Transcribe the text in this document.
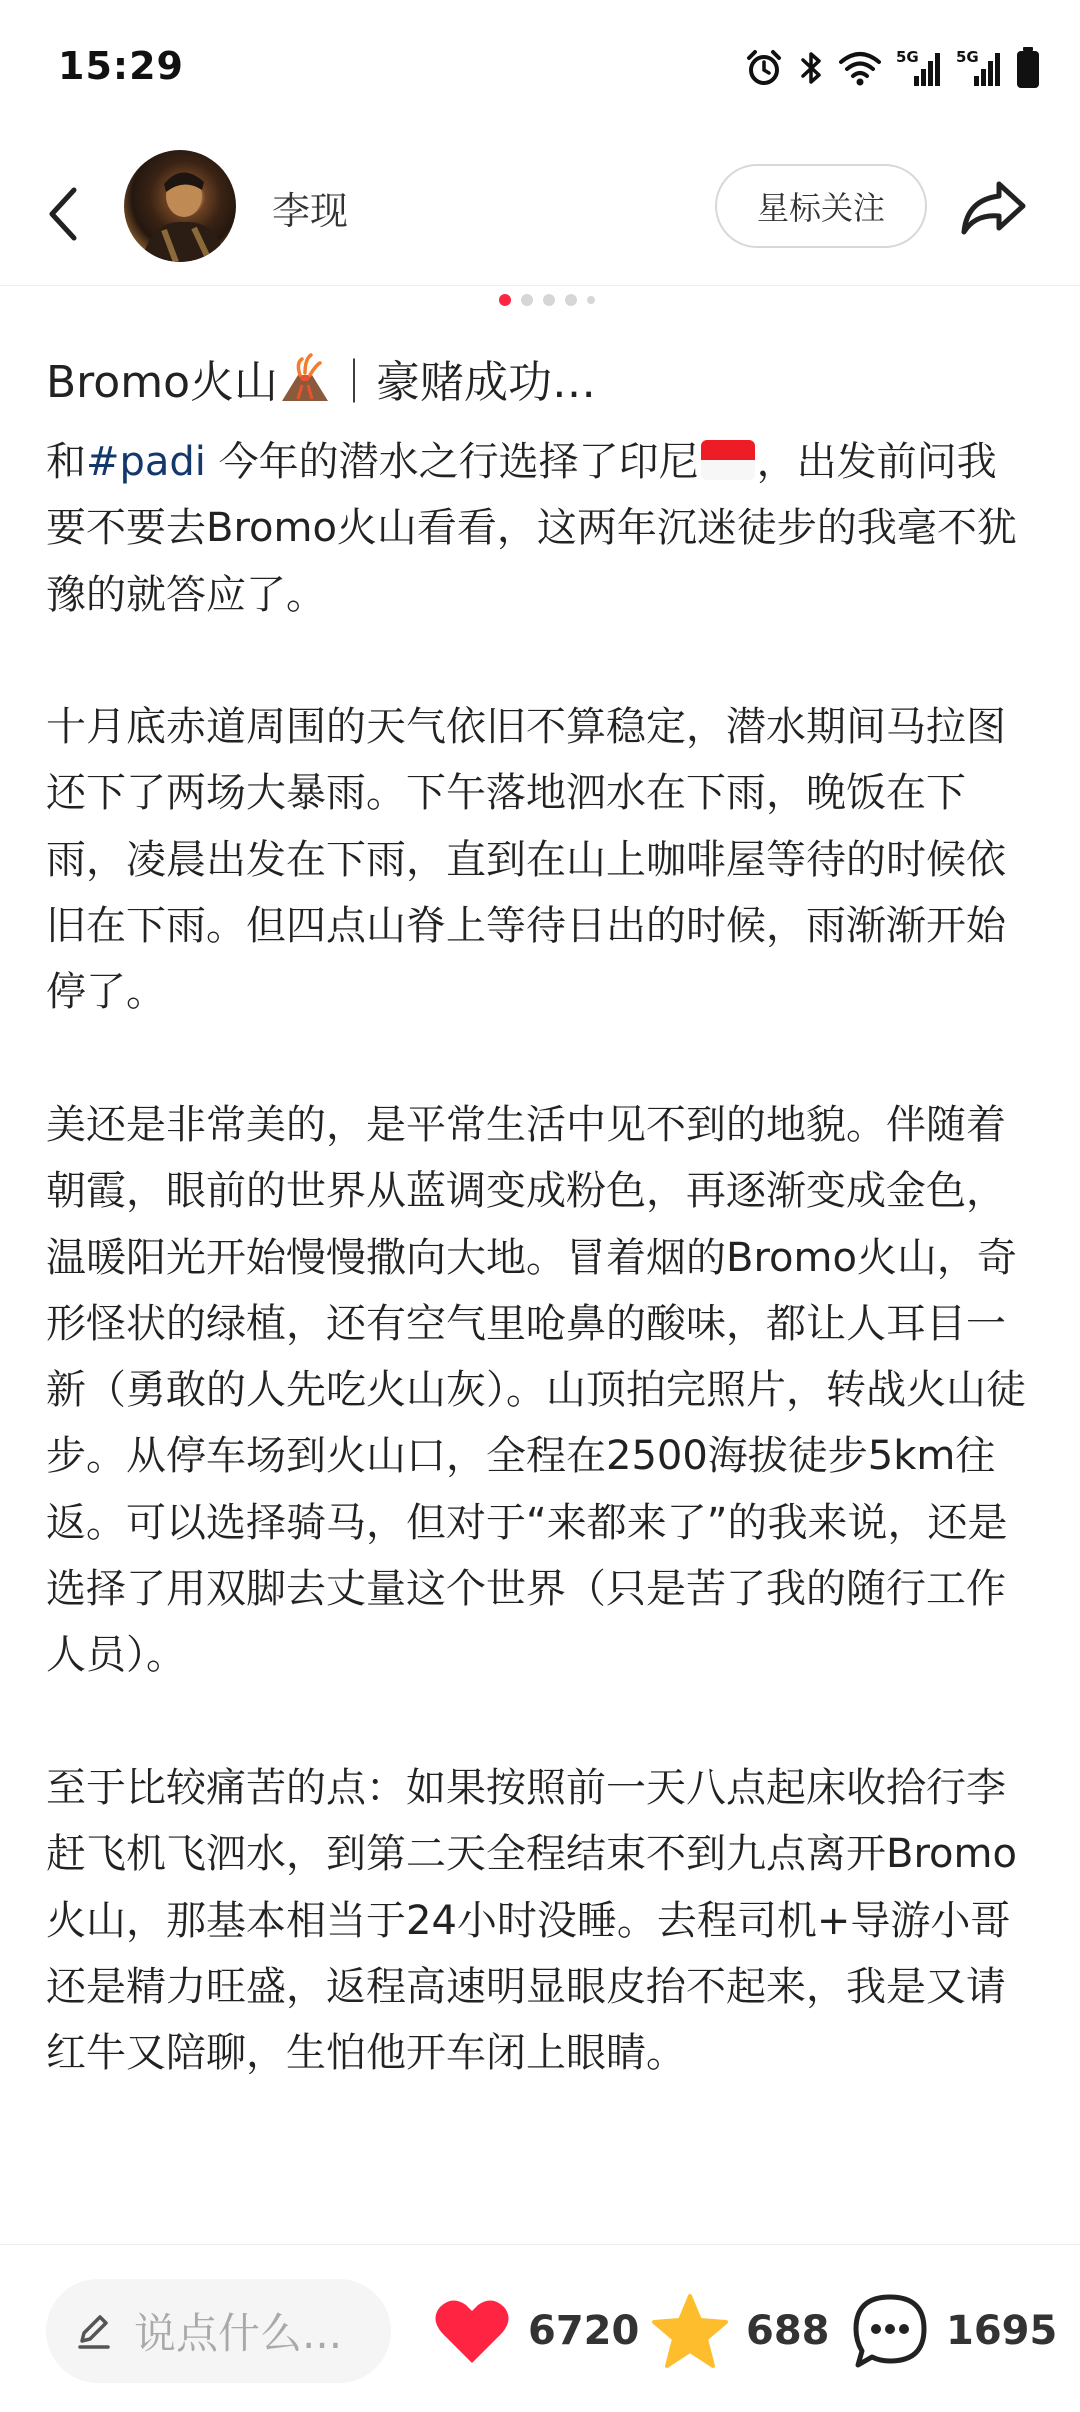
15:29	5G 5G
李现	星标关注
Bromo火山 ｜豪赌成功…

和#padi 今年的潜水之行选择了印尼 ，出发前问我要不要去Bromo火山看看，这两年沉迷徒步的我毫不犹豫的就答应了。

十月底赤道周围的天气依旧不算稳定，潜水期间马拉图还下了两场大暴雨。下午落地泗水在下雨，晚饭在下雨，凌晨出发在下雨，直到在山上咖啡屋等待的时候依旧在下雨。但四点山脊上等待日出的时候，雨渐渐开始停了。

美还是非常美的，是平常生活中见不到的地貌。伴随着朝霞，眼前的世界从蓝调变成粉色，再逐渐变成金色，温暖阳光开始慢慢撒向大地。冒着烟的Bromo火山，奇形怪状的绿植，还有空气里呛鼻的酸味，都让人耳目一新（勇敢的人先吃火山灰）。山顶拍完照片，转战火山徒步。从停车场到火山口，全程在2500海拔徒步5km往返。可以选择骑马，但对于“来都来了”的我来说，还是选择了用双脚去丈量这个世界（只是苦了我的随行工作人员）。

至于比较痛苦的点：如果按照前一天八点起床收拾行李赶飞机飞泗水，到第二天全程结束不到九点离开Bromo火山，那基本相当于24小时没睡。去程司机+导游小哥还是精力旺盛，返程高速明显眼皮抬不起来，我是又请红牛又陪聊，生怕他开车闭上眼睛。

说点什么...	6720	688	1695
